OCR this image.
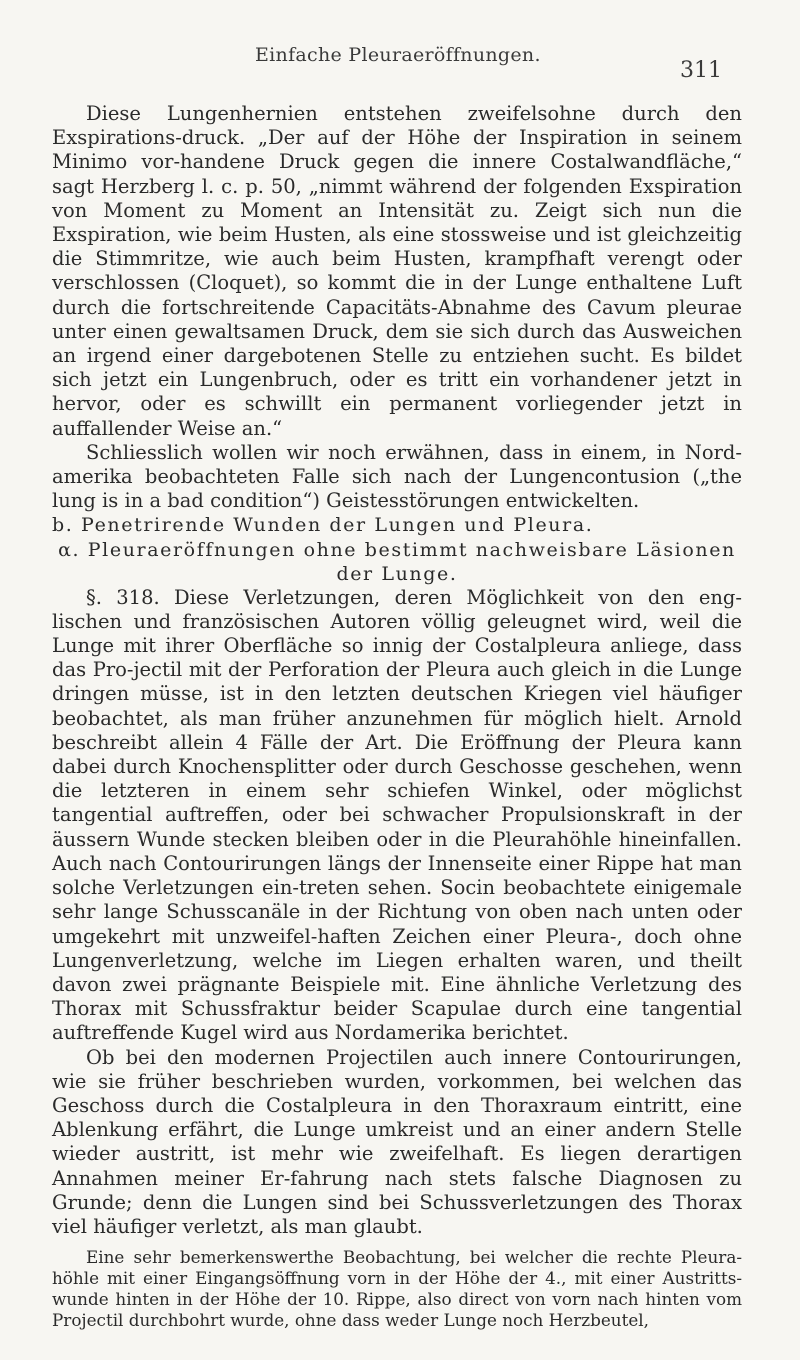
Einfache Pleuraeröffnungen.
311

Diese Lungenhernien entstehen zweifelsohne durch den Exspirations-druck. „Der auf der Höhe der Inspiration in seinem Minimo vor-handene Druck gegen die innere Costalwandfläche,“ sagt Herzberg l. c. p. 50, „nimmt während der folgenden Exspiration von Moment zu Moment an Intensität zu. Zeigt sich nun die Exspiration, wie beim Husten, als eine stossweise und ist gleichzeitig die Stimmritze, wie auch beim Husten, krampfhaft verengt oder verschlossen (Cloquet), so kommt die in der Lunge enthaltene Luft durch die fortschreitende Capacitäts-Abnahme des Cavum pleurae unter einen gewaltsamen Druck, dem sie sich durch das Ausweichen an irgend einer dargebotenen Stelle zu entziehen sucht. Es bildet sich jetzt ein Lungenbruch, oder es tritt ein vorhandener jetzt in hervor, oder es schwillt ein permanent vorliegender jetzt in auffallender Weise an.“

Schliesslich wollen wir noch erwähnen, dass in einem, in Nord-amerika beobachteten Falle sich nach der Lungencontusion („the lung is in a bad condition“) Geistesstörungen entwickelten.

b. Penetrirende Wunden der Lungen und Pleura.

α. Pleuraeröffnungen ohne bestimmt nachweisbare Läsionen der Lunge.

§. 318. Diese Verletzungen, deren Möglichkeit von den eng-lischen und französischen Autoren völlig geleugnet wird, weil die Lunge mit ihrer Oberfläche so innig der Costalpleura anliege, dass das Pro-jectil mit der Perforation der Pleura auch gleich in die Lunge dringen müsse, ist in den letzten deutschen Kriegen viel häufiger beobachtet, als man früher anzunehmen für möglich hielt. Arnold beschreibt allein 4 Fälle der Art. Die Eröffnung der Pleura kann dabei durch Knochensplitter oder durch Geschosse geschehen, wenn die letzteren in einem sehr schiefen Winkel, oder möglichst tangential auftreffen, oder bei schwacher Propulsionskraft in der äussern Wunde stecken bleiben oder in die Pleurahöhle hineinfallen. Auch nach Contourirungen längs der Innenseite einer Rippe hat man solche Verletzungen ein-treten sehen. Socin beobachtete einigemale sehr lange Schusscanäle in der Richtung von oben nach unten oder umgekehrt mit unzweifel-haften Zeichen einer Pleura-, doch ohne Lungenverletzung, welche im Liegen erhalten waren, und theilt davon zwei prägnante Beispiele mit. Eine ähnliche Verletzung des Thorax mit Schussfraktur beider Scapulae durch eine tangential auftreffende Kugel wird aus Nordamerika berichtet.

Ob bei den modernen Projectilen auch innere Contourirungen, wie sie früher beschrieben wurden, vorkommen, bei welchen das Geschoss durch die Costalpleura in den Thoraxraum eintritt, eine Ablenkung erfährt, die Lunge umkreist und an einer andern Stelle wieder austritt, ist mehr wie zweifelhaft. Es liegen derartigen Annahmen meiner Er-fahrung nach stets falsche Diagnosen zu Grunde; denn die Lungen sind bei Schussverletzungen des Thorax viel häufiger verletzt, als man glaubt.

Eine sehr bemerkenswerthe Beobachtung, bei welcher die rechte Pleura-höhle mit einer Eingangsöffnung vorn in der Höhe der 4., mit einer Austritts-wunde hinten in der Höhe der 10. Rippe, also direct von vorn nach hinten vom Projectil durchbohrt wurde, ohne dass weder Lunge noch Herzbeutel,
